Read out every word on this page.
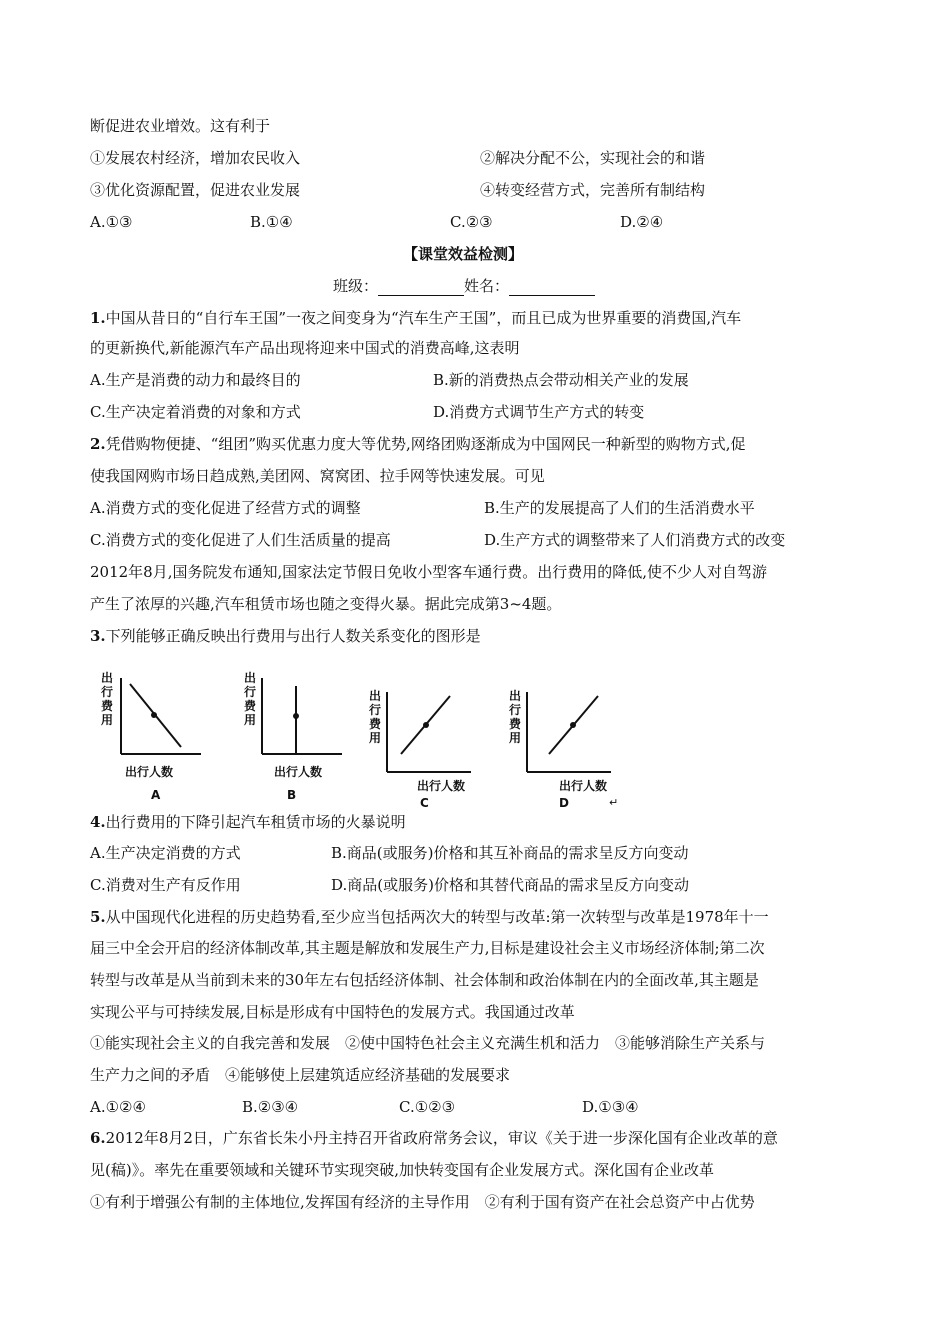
断促进农业增效。这有利于
①发展农村经济，增加农民收入	②解决分配不公，实现社会的和谐
③优化资源配置，促进农业发展	④转变经营方式，完善所有制结构
A.①③	B.①④	C.②③	D.②④
【课堂效益检测】
班级：	姓名：
1.中国从昔日的“自行车王国”一夜之间变身为“汽车生产王国”，而且已成为世界重要的消费国,汽车
的更新换代,新能源汽车产品出现将迎来中国式的消费高峰,这表明
A.生产是消费的动力和最终目的	B.新的消费热点会带动相关产业的发展
C.生产决定着消费的对象和方式	D.消费方式调节生产方式的转变
2.凭借购物便捷、“组团”购买优惠力度大等优势,网络团购逐渐成为中国网民一种新型的购物方式,促
使我国网购市场日趋成熟,美团网、窝窝团、拉手网等快速发展。可见
A.消费方式的变化促进了经营方式的调整	B.生产的发展提高了人们的生活消费水平
C.消费方式的变化促进了人们生活质量的提高	D.生产方式的调整带来了人们消费方式的改变
2012年8月,国务院发布通知,国家法定节假日免收小型客车通行费。出行费用的降低,使不少人对自驾游
产生了浓厚的兴趣,汽车租赁市场也随之变得火暴。据此完成第3~4题。
3.下列能够正确反映出行费用与出行人数关系变化的图形是
出
行
费
用
出行人数
A
出
行
费
用
出行人数
B
出
行
费
用
出行人数
C
出
行
费
用
出行人数
D	↵
4.出行费用的下降引起汽车租赁市场的火暴说明
A.生产决定消费的方式	B.商品(或服务)价格和其互补商品的需求呈反方向变动
C.消费对生产有反作用	D.商品(或服务)价格和其替代商品的需求呈反方向变动
5.从中国现代化进程的历史趋势看,至少应当包括两次大的转型与改革:第一次转型与改革是1978年十一
届三中全会开启的经济体制改革,其主题是解放和发展生产力,目标是建设社会主义市场经济体制;第二次
转型与改革是从当前到未来的30年左右包括经济体制、社会体制和政治体制在内的全面改革,其主题是
实现公平与可持续发展,目标是形成有中国特色的发展方式。我国通过改革
①能实现社会主义的自我完善和发展　②使中国特色社会主义充满生机和活力　③能够消除生产关系与
生产力之间的矛盾　④能够使上层建筑适应经济基础的发展要求
A.①②④	B.②③④	C.①②③	D.①③④
6.2012年8月2日，广东省长朱小丹主持召开省政府常务会议，审议《关于进一步深化国有企业改革的意
见(稿)》。率先在重要领域和关键环节实现突破,加快转变国有企业发展方式。深化国有企业改革
①有利于增强公有制的主体地位,发挥国有经济的主导作用　②有利于国有资产在社会总资产中占优势
